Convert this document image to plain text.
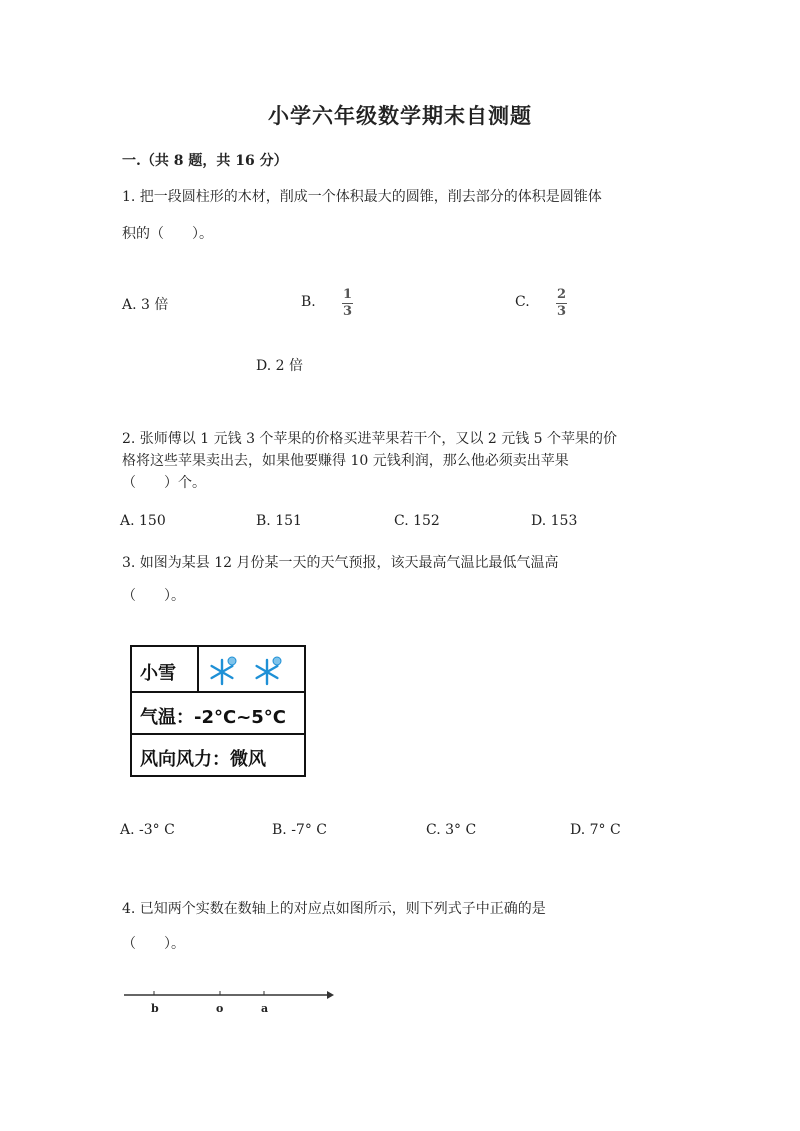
小学六年级数学期末自测题
一.（共 8 题，共 16 分）
1. 把一段圆柱形的木材，削成一个体积最大的圆锥，削去部分的体积是圆锥体
积的（　　）。
A. 3 倍	B. $\frac{1}{3}$	C. $\frac{2}{3}$
D. 2 倍
2. 张师傅以 1 元钱 3 个苹果的价格买进苹果若干个，又以 2 元钱 5 个苹果的价
格将这些苹果卖出去，如果他要赚得 10 元钱利润，那么他必须卖出苹果
（　　）个。
A. 150	B. 151	C. 152	D. 153
3. 如图为某县 12 月份某一天的天气预报，该天最高气温比最低气温高
（　　）。
小雪
气温：-2°C~5°C
风向风力：微风
A. -3° C	B. -7° C	C. 3° C	D. 7° C
4. 已知两个实数在数轴上的对应点如图所示，则下列式子中正确的是
（　　）。
b	o	a
